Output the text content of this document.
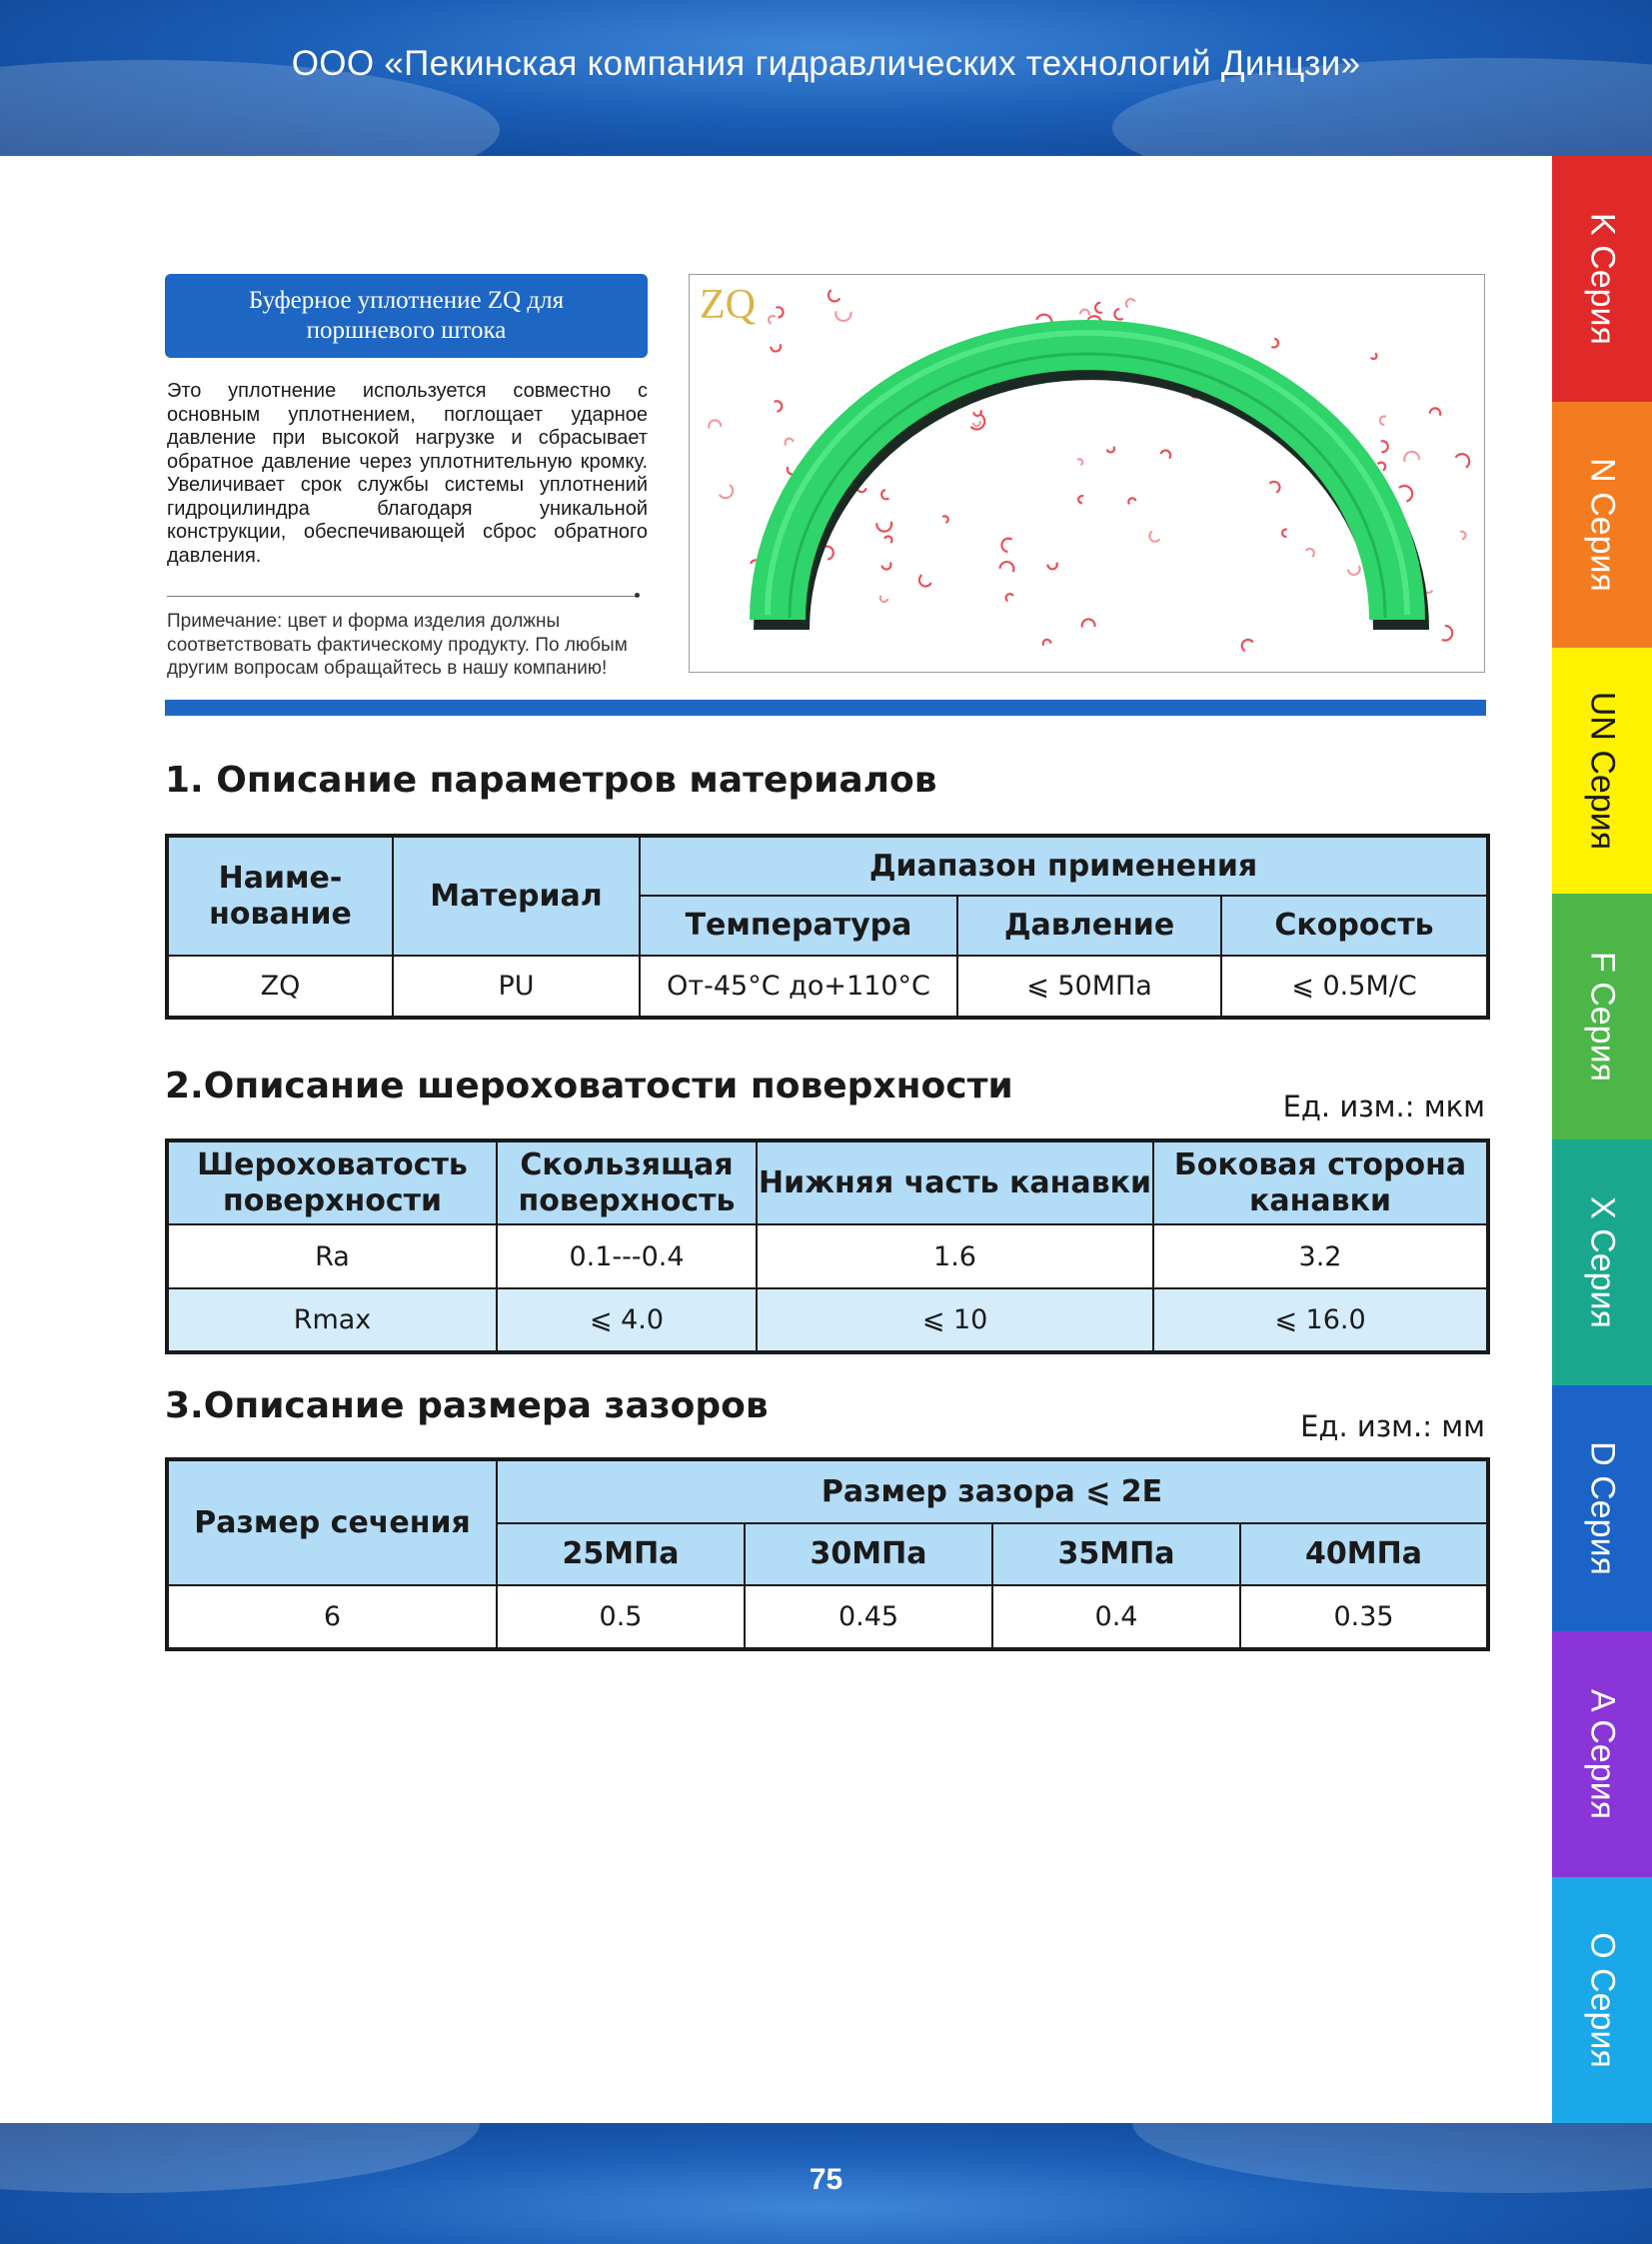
ООО «Пекинская компания гидравлических технологий Динцзи»
K Серия
N Серия
UN Серия
F Серия
X Серия
D Серия
A Серия
O Серия
Буферное уплотнение ZQ для поршневого штока
Это уплотнение используется совместно с основным уплотнением, поглощает ударное давление при высокой нагрузке и сбрасывает обратное давление через уплотнительную кромку. Увеличивает срок службы системы уплотнений гидроцилиндра благодаря уникальной конструкции, обеспечивающей сброс обратного давления.
Примечание: цвет и форма изделия должны соответствовать фактическому продукту. По любым другим вопросам обращайтесь в нашу компанию!
ZQ
1. Описание параметров материалов
Наиме-нование	Материал	Диапазон применения		
		Температура	Давление	Скорость
ZQ	PU	От-45°C до+110°C	⩽ 50МПа	⩽ 0.5М/С
2.Описание шероховатости поверхности	Ед. изм.: мкм
Шероховатость поверхности	Скользящая поверхность	Нижняя часть канавки	Боковая сторона канавки
Ra	0.1---0.4	1.6	3.2
Rmax	⩽ 4.0	⩽ 10	⩽ 16.0
3.Описание размера зазоров	Ед. изм.: мм
Размер сечения	Размер зазора ⩽ 2E			
	25МПа	30МПа	35МПа	40МПа
6	0.5	0.45	0.4	0.35
75
